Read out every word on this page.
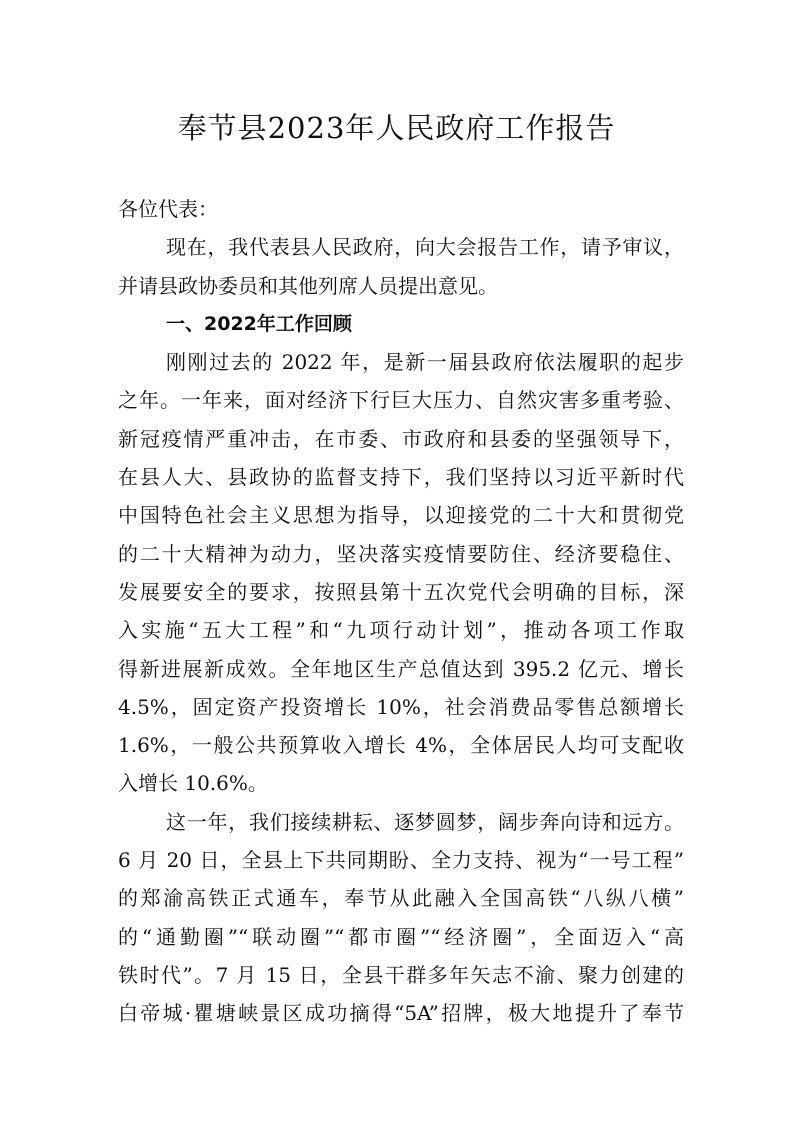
奉节县2023年人民政府工作报告
各位代表：
现在，我代表县人民政府，向大会报告工作，请予审议，
并请县政协委员和其他列席人员提出意见。
一、2022年工作回顾
刚刚过去的 2022 年，是新一届县政府依法履职的起步
之年。一年来，面对经济下行巨大压力、自然灾害多重考验、
新冠疫情严重冲击，在市委、市政府和县委的坚强领导下，
在县人大、县政协的监督支持下，我们坚持以习近平新时代
中国特色社会主义思想为指导，以迎接党的二十大和贯彻党
的二十大精神为动力，坚决落实疫情要防住、经济要稳住、
发展要安全的要求，按照县第十五次党代会明确的目标，深
入实施“五大工程”和“九项行动计划”，推动各项工作取
得新进展新成效。全年地区生产总值达到 395.2 亿元、增长
4.5%，固定资产投资增长 10%，社会消费品零售总额增长
1.6%，一般公共预算收入增长 4%，全体居民人均可支配收
入增长 10.6%。
这一年，我们接续耕耘、逐梦圆梦，阔步奔向诗和远方。
6 月 20 日，全县上下共同期盼、全力支持、视为“一号工程”
的郑渝高铁正式通车，奉节从此融入全国高铁“八纵八横”
的“通勤圈”“联动圈”“都市圈”“经济圈”，全面迈入“高
铁时代”。7 月 15 日，全县干群多年矢志不渝、聚力创建的
白帝城·瞿塘峡景区成功摘得“5A”招牌，极大地提升了奉节
